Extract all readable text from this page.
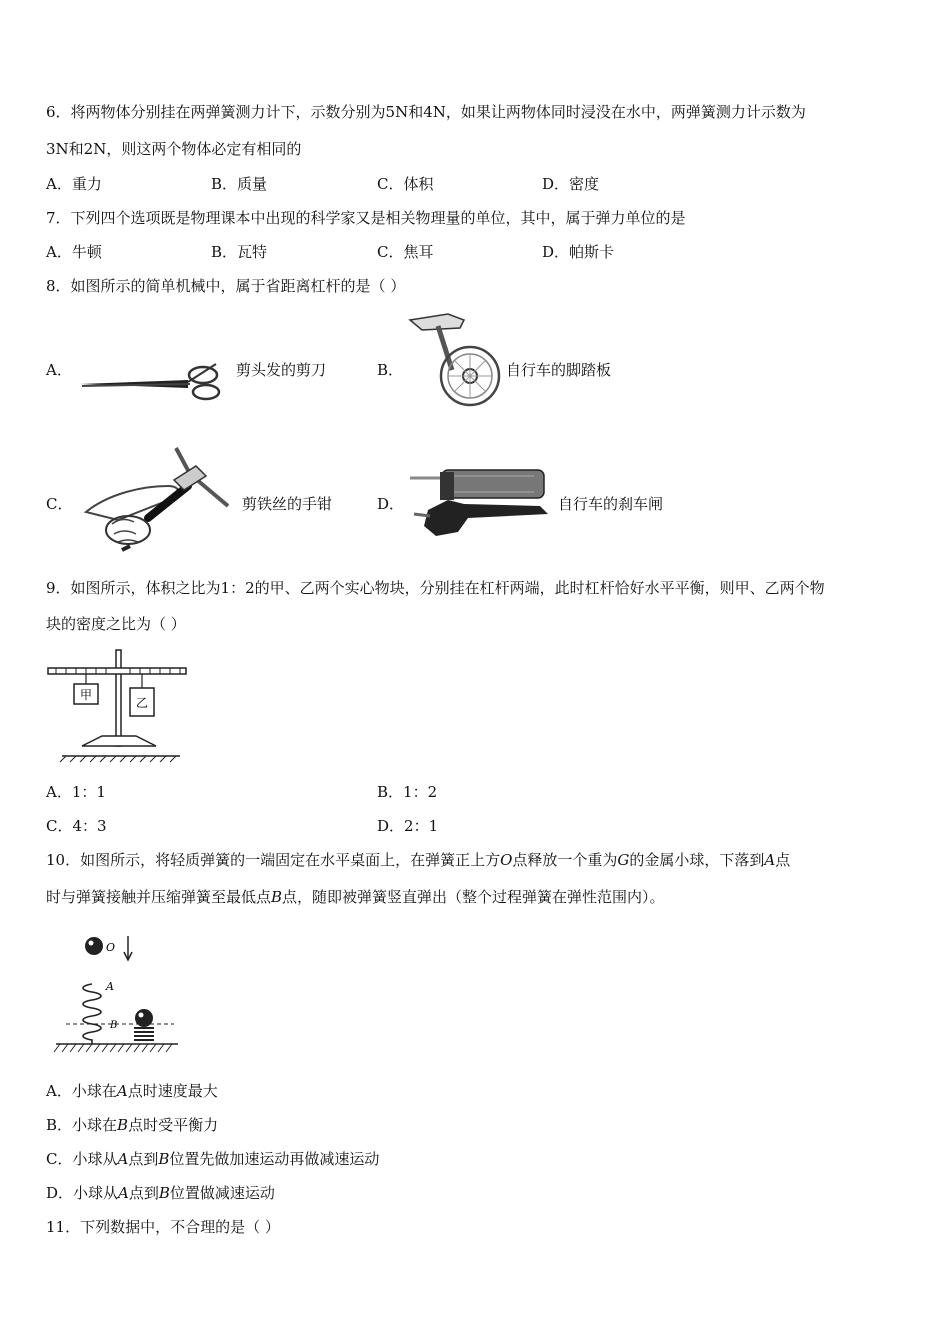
6．将两物体分别挂在两弹簧测力计下，示数分别为5N和4N，如果让两物体同时浸没在水中，两弹簧测力计示数为
3N和2N，则这两个物体必定有相同的
A．重力	B．质量	C．体积	D．密度
7．下列四个选项既是物理课本中出现的科学家又是相关物理量的单位，其中，属于弹力单位的是
A．牛顿	B．瓦特	C．焦耳	D．帕斯卡
8．如图所示的简单机械中，属于省距离杠杆的是（ ）
A．	剪头发的剪刀	B．	自行车的脚踏板
C．	剪铁丝的手钳	D．	自行车的刹车闸
9．如图所示，体积之比为1：2的甲、乙两个实心物块，分别挂在杠杆两端，此时杠杆恰好水平平衡，则甲、乙两个物
块的密度之比为（ ）
甲
乙
A．1：1	B．1：2
C．4：3	D．2：1
10．如图所示，将轻质弹簧的一端固定在水平桌面上，在弹簧正上方O点释放一个重为G的金属小球，下落到A点
时与弹簧接触并压缩弹簧至最低点B点，随即被弹簧竖直弹出（整个过程弹簧在弹性范围内）。
O
A
B
A．小球在A点时速度最大
B．小球在B点时受平衡力
C．小球从A点到B位置先做加速运动再做减速运动
D．小球从A点到B位置做减速运动
11．下列数据中，不合理的是（ ）
